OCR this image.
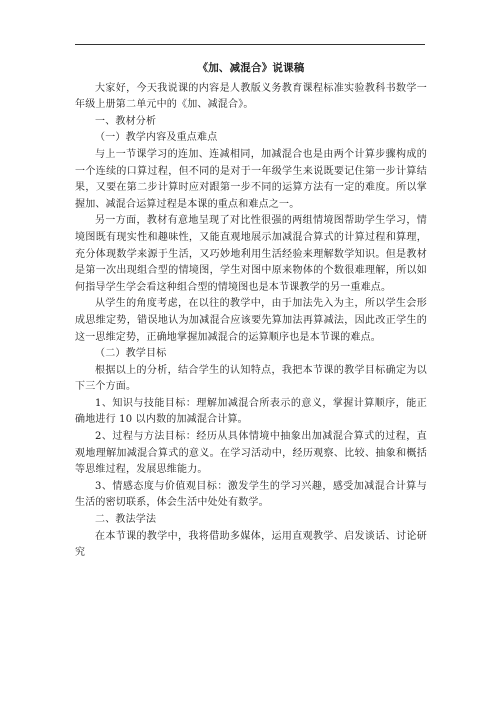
《加、减混合》说课稿

大家好，今天我说课的内容是人教版义务教育课程标准实验教科书数学一年级上册第二单元中的《加、减混合》。

一、教材分析

（一）教学内容及重点难点

与上一节课学习的连加、连减相同，加减混合也是由两个计算步骤构成的一个连续的口算过程，但不同的是对于一年级学生来说既要记住第一步计算结果，又要在第二步计算时应对跟第一步不同的运算方法有一定的难度。所以掌握加、减混合运算过程是本课的重点和难点之一。

另一方面，教材有意地呈现了对比性很强的两组情境图帮助学生学习，情境图既有现实性和趣味性，又能直观地展示加减混合算式的计算过程和算理，充分体现数学来源于生活，又巧妙地利用生活经验来理解数学知识。但是教材是第一次出现组合型的情境图，学生对图中原来物体的个数很难理解，所以如何指导学生学会看这种组合型的情境图也是本节课教学的另一重难点。

从学生的角度考虑，在以往的教学中，由于加法先入为主，所以学生会形成思维定势，错误地认为加减混合应该要先算加法再算减法，因此改正学生的这一思维定势，正确地掌握加减混合的运算顺序也是本节课的难点。

（二）教学目标

根据以上的分析，结合学生的认知特点，我把本节课的教学目标确定为以下三个方面。

1、知识与技能目标：理解加减混合所表示的意义，掌握计算顺序，能正确地进行 10 以内数的加减混合计算。

2、过程与方法目标：经历从具体情境中抽象出加减混合算式的过程，直观地理解加减混合算式的意义。在学习活动中，经历观察、比较、抽象和概括等思维过程，发展思维能力。

3、情感态度与价值观目标：激发学生的学习兴趣，感受加减混合计算与生活的密切联系，体会生活中处处有数学。

二、教法学法

在本节课的教学中，我将借助多媒体，运用直观教学、启发谈话、讨论研究
